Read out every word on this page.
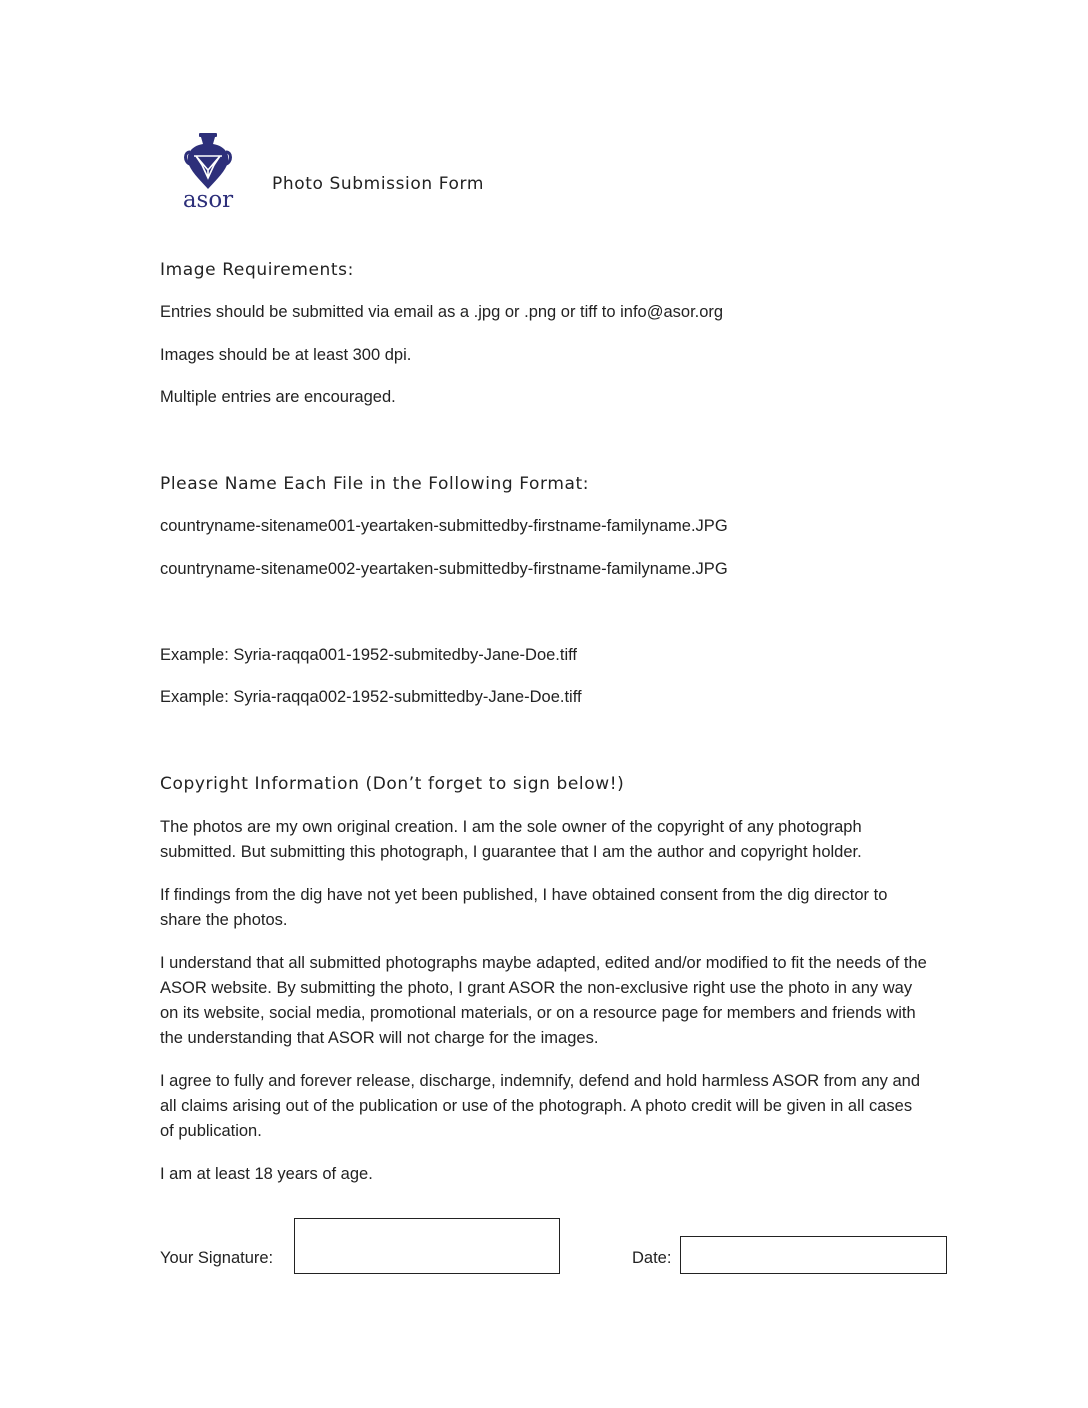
asor
Photo Submission Form
Image Requirements:

Entries should be submitted via email as a .jpg or .png or tiff to info@asor.org

Images should be at least 300 dpi.

Multiple entries are encouraged.

Please Name Each File in the Following Format:

countryname-sitename001-yeartaken-submittedby-firstname-familyname.JPG

countryname-sitename002-yeartaken-submittedby-firstname-familyname.JPG

Example: Syria-raqqa001-1952-submitedby-Jane-Doe.tiff

Example: Syria-raqqa002-1952-submittedby-Jane-Doe.tiff

Copyright Information (Don’t forget to sign below!)

The photos are my own original creation. I am the sole owner of the copyright of any photograph submitted. But submitting this photograph, I guarantee that I am the author and copyright holder.

If findings from the dig have not yet been published, I have obtained consent from the dig director to share the photos.

I understand that all submitted photographs maybe adapted, edited and/or modified to fit the needs of the ASOR website. By submitting the photo, I grant ASOR the non-exclusive right use the photo in any way on its website, social media, promotional materials, or on a resource page for members and friends with the understanding that ASOR will not charge for the images.

I agree to fully and forever release, discharge, indemnify, defend and hold harmless ASOR from any and all claims arising out of the publication or use of the photograph. A photo credit will be given in all cases of publication.

I am at least 18 years of age.

Your Signature:	Date:
